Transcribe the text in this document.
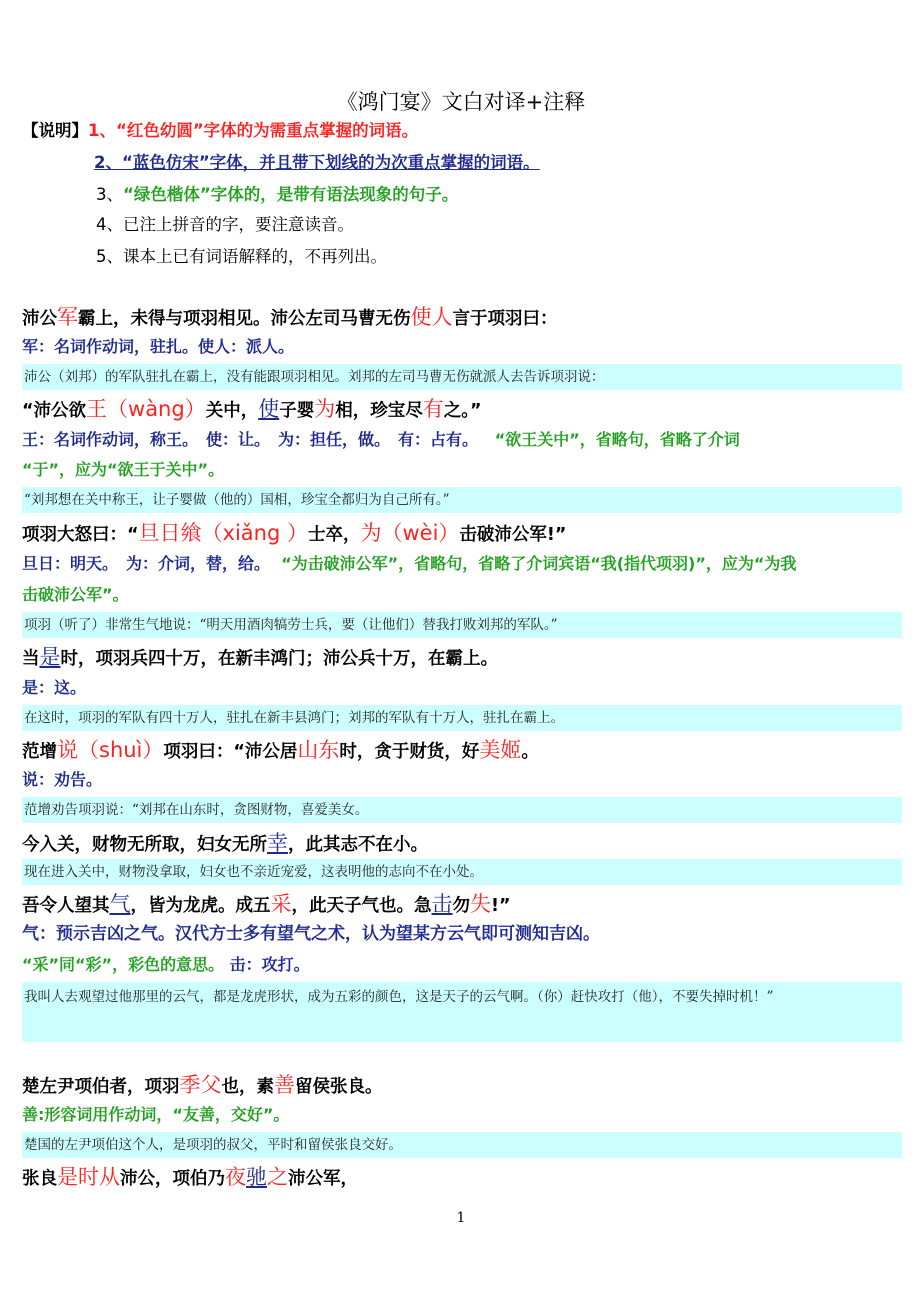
《鸿门宴》文白对译+注释
【说明】1、“红色幼圆”字体的为需重点掌握的词语。
2、“蓝色仿宋”字体，并且带下划线的为次重点掌握的词语。
3、“绿色楷体”字体的，是带有语法现象的句子。
4、已注上拼音的字，要注意读音。
5、课本上已有词语解释的，不再列出。
沛公军霸上，未得与项羽相见。沛公左司马曹无伤使人言于项羽曰：
军：名词作动词，驻扎。使人：派人。
沛公（刘邦）的军队驻扎在霸上，没有能跟项羽相见。刘邦的左司马曹无伤就派人去告诉项羽说：
“沛公欲王（wàng）关中，使子婴为相，珍宝尽有之。”
王：名词作动词，称王。　使：让。　为：担任，做。　有：占有。 “欲王关中”，省略句，省略了介词
“于”，应为“欲王于关中”。
“刘邦想在关中称王，让子婴做（他的）国相，珍宝全都归为自己所有。”
项羽大怒曰：“旦日飨（xiǎng ）士卒，为（wèi）击破沛公军!”
旦日：明天。　为：介词，替，给。 “为击破沛公军”，省略句，省略了介词宾语“我(指代项羽)”，应为“为我
击破沛公军”。
项羽（听了）非常生气地说：“明天用酒肉犒劳士兵，要（让他们）替我打败刘邦的军队。”
当是时，项羽兵四十万，在新丰鸿门；沛公兵十万，在霸上。
是：这。
在这时，项羽的军队有四十万人，驻扎在新丰县鸿门；刘邦的军队有十万人，驻扎在霸上。
范增说（shuì）项羽曰：“沛公居山东时，贪于财货，好美姬。
说：劝告。
范增劝告项羽说：“刘邦在山东时，贪图财物，喜爱美女。
今入关，财物无所取，妇女无所幸，此其志不在小。
现在进入关中，财物没拿取，妇女也不亲近宠爱，这表明他的志向不在小处。
吾令人望其气，皆为龙虎。成五采，此天子气也。急击勿失!”
气：预示吉凶之气。汉代方士多有望气之术，认为望某方云气即可测知吉凶。
“采”同“彩”，彩色的意思。 击：攻打。
我叫人去观望过他那里的云气，都是龙虎形状，成为五彩的颜色，这是天子的云气啊。（你）赶快攻打（他），不要失掉时机！”
楚左尹项伯者，项羽季父也，素善留侯张良。
善:形容词用作动词，“友善，交好”。
楚国的左尹项伯这个人，是项羽的叔父，平时和留侯张良交好。
张良是时从沛公，项伯乃夜驰之沛公军，
1
